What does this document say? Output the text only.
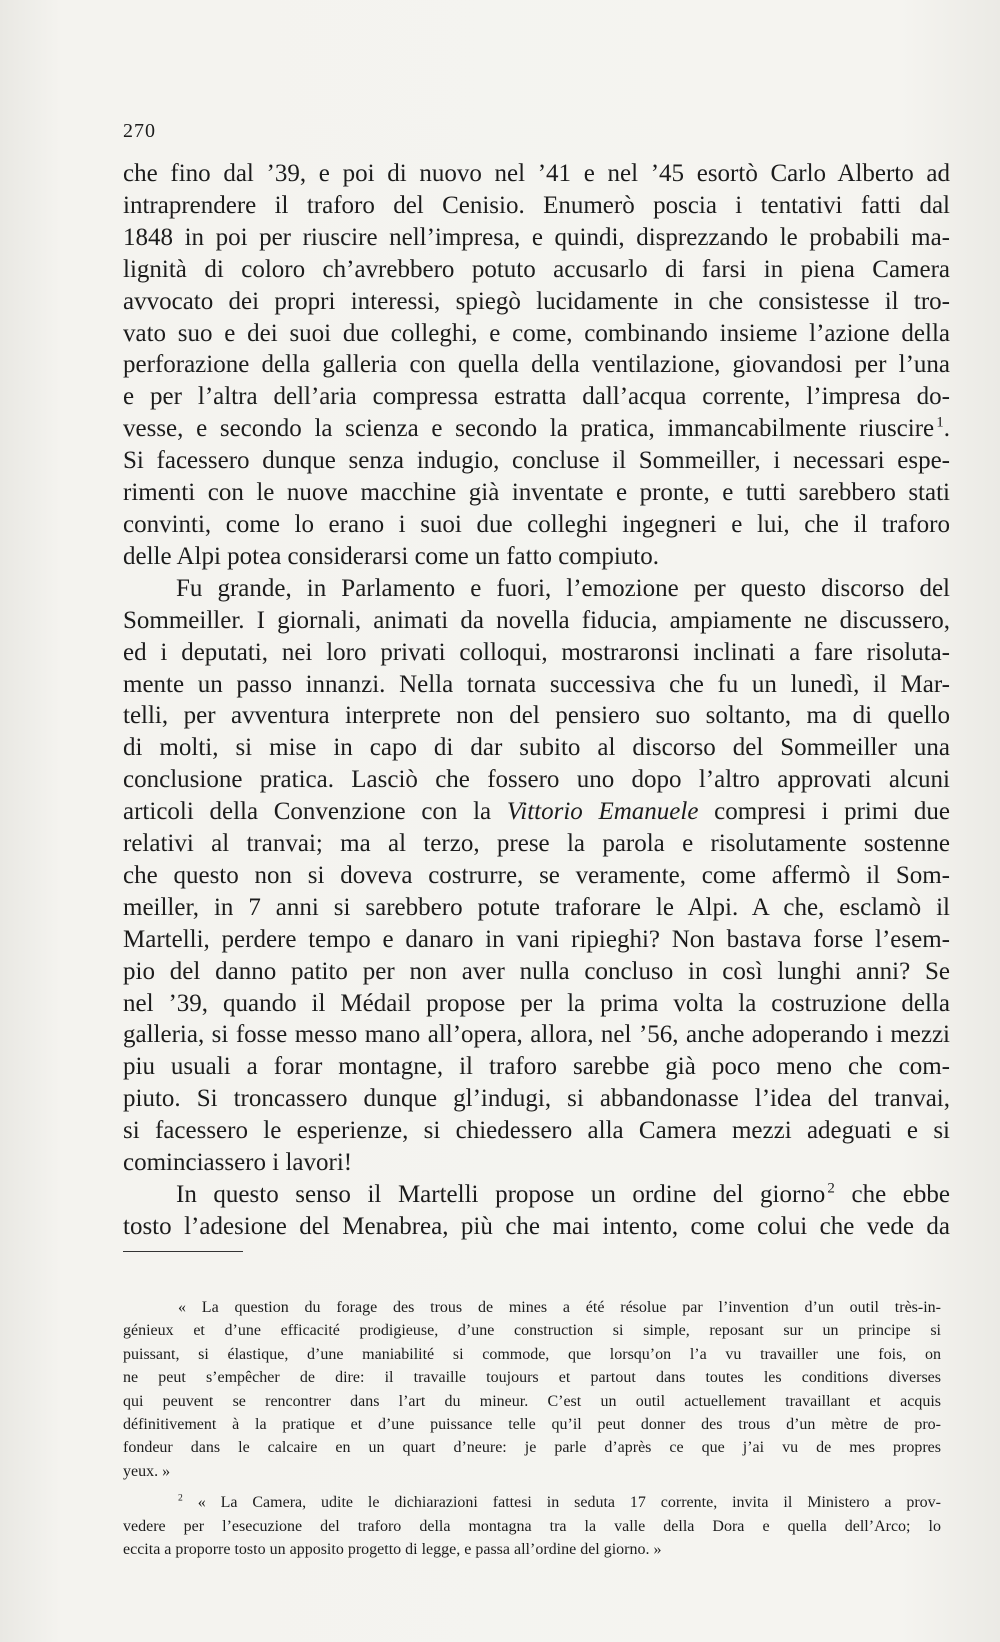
270
che fino dal ’39, e poi di nuovo nel ’41 e nel ’45 esortò Carlo Alberto ad
intraprendere il traforo del Cenisio. Enumerò poscia i tentativi fatti dal
1848 in poi per riuscire nell’impresa, e quindi, disprezzando le probabili ma-
lignità di coloro ch’avrebbero potuto accusarlo di farsi in piena Camera
avvocato dei propri interessi, spiegò lucidamente in che consistesse il tro-
vato suo e dei suoi due colleghi, e come, combinando insieme l’azione della
perforazione della galleria con quella della ventilazione, giovandosi per l’una
e per l’altra dell’aria compressa estratta dall’acqua corrente, l’impresa do-
vesse, e secondo la scienza e secondo la pratica, immancabilmente riuscire  $^1$.
Si facessero dunque senza indugio, concluse il Sommeiller, i necessari espe-
rimenti con le nuove macchine già inventate e pronte, e tutti sarebbero stati
convinti, come lo erano i suoi due colleghi ingegneri e lui, che il traforo
delle Alpi potea considerarsi come un fatto compiuto.
Fu grande, in Parlamento e fuori, l’emozione per questo discorso del
Sommeiller. I giornali, animati da novella fiducia, ampiamente ne discussero,
ed i deputati, nei loro privati colloqui, mostraronsi inclinati a fare risoluta-
mente un passo innanzi. Nella tornata successiva che fu un lunedì, il Mar-
telli, per avventura interprete non del pensiero suo soltanto, ma di quello
di molti, si mise in capo di dar subito al discorso del Sommeiller una
conclusione pratica. Lasciò che fossero uno dopo l’altro approvati alcuni
articoli della Convenzione con la Vittorio Emanuele compresi i primi due
relativi al tranvai; ma al terzo, prese la parola e risolutamente sostenne
che questo non si doveva costrurre, se veramente, come affermò il Som-
meiller, in 7 anni si sarebbero potute traforare le Alpi. A che, esclamò il
Martelli, perdere tempo e danaro in vani ripieghi? Non bastava forse l’esem-
pio del danno patito per non aver nulla concluso in così lunghi anni? Se
nel ’39, quando il Médail propose per la prima volta la costruzione della
galleria, si fosse messo mano all’opera, allora, nel ’56, anche adoperando i mezzi
piu usuali a forar montagne, il traforo sarebbe già poco meno che com-
piuto. Si troncassero dunque gl’indugi, si abbandonasse l’idea del tranvai,
si facessero le esperienze, si chiedessero alla Camera mezzi adeguati e si
cominciassero i lavori!
In questo senso il Martelli propose un ordine del giorno  $^2$ che ebbe
tosto l’adesione del Menabrea, più che mai intento, come colui che vede da
« La question du forage des trous de mines a été résolue par l’invention d’un outil très-in-
génieux et d’une efficacité prodigieuse, d’une construction si simple, reposant sur un principe si
puissant, si élastique, d’une maniabilité si commode, que lorsqu’on l’a vu travailler une fois, on
ne peut s’empêcher de dire: il travaille toujours et partout dans toutes les conditions diverses
qui peuvent se rencontrer dans l’art du mineur. C’est un outil actuellement travaillant et acquis
définitivement à la pratique et d’une puissance telle qu’il peut donner des trous d’un mètre de pro-
fondeur dans le calcaire en un quart d’neure: je parle d’après ce que j’ai vu de mes propres
yeux. »
$^2$ « La Camera, udite le dichiarazioni fattesi in seduta 17 corrente, invita il Ministero a prov-
vedere per l’esecuzione del traforo della montagna tra la valle della Dora e quella dell’Arco; lo
eccita a proporre tosto un apposito progetto di legge, e passa all’ordine del giorno. »
